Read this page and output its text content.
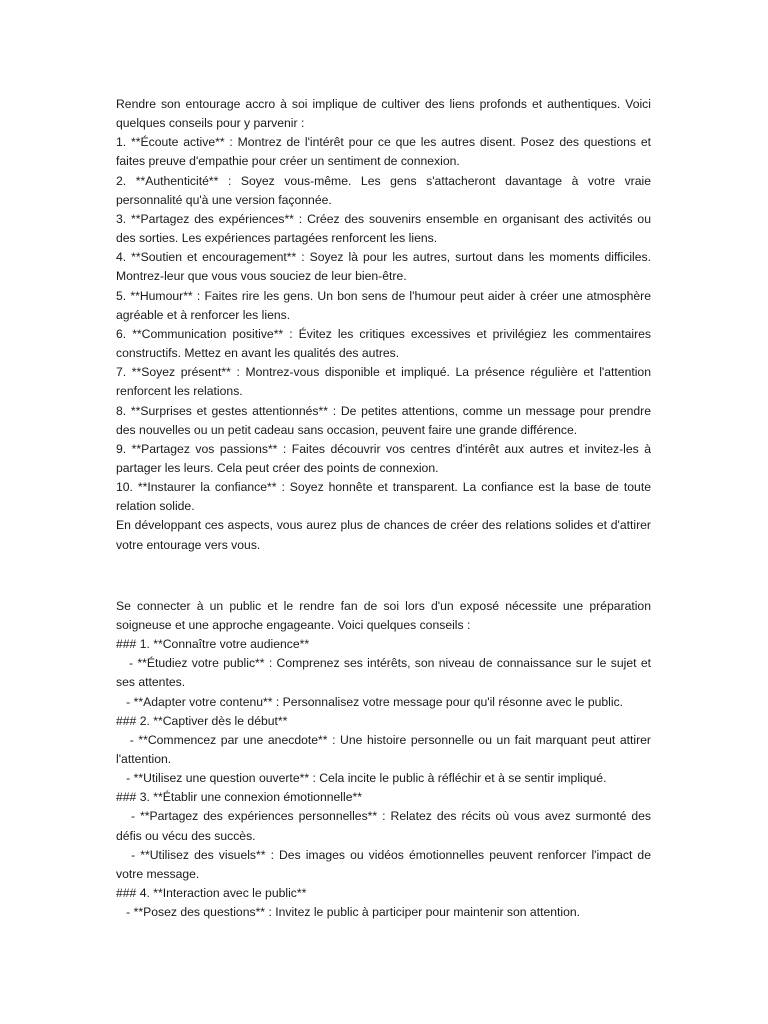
Rendre son entourage accro à soi implique de cultiver des liens profonds et authentiques. Voici quelques conseils pour y parvenir :

1. **Écoute active** : Montrez de l'intérêt pour ce que les autres disent. Posez des questions et faites preuve d'empathie pour créer un sentiment de connexion.

2. **Authenticité** : Soyez vous-même. Les gens s'attacheront davantage à votre vraie personnalité qu'à une version façonnée.

3. **Partagez des expériences** : Créez des souvenirs ensemble en organisant des activités ou des sorties. Les expériences partagées renforcent les liens.

4. **Soutien et encouragement** : Soyez là pour les autres, surtout dans les moments difficiles. Montrez-leur que vous vous souciez de leur bien-être.

5. **Humour** : Faites rire les gens. Un bon sens de l'humour peut aider à créer une atmosphère agréable et à renforcer les liens.

6. **Communication positive** : Évitez les critiques excessives et privilégiez les commentaires constructifs. Mettez en avant les qualités des autres.

7. **Soyez présent** : Montrez-vous disponible et impliqué. La présence régulière et l'attention renforcent les relations.

8. **Surprises et gestes attentionnés** : De petites attentions, comme un message pour prendre des nouvelles ou un petit cadeau sans occasion, peuvent faire une grande différence.

9. **Partagez vos passions** : Faites découvrir vos centres d'intérêt aux autres et invitez-les à partager les leurs. Cela peut créer des points de connexion.

10. **Instaurer la confiance** : Soyez honnête et transparent. La confiance est la base de toute relation solide.

En développant ces aspects, vous aurez plus de chances de créer des relations solides et d'attirer votre entourage vers vous.

Se connecter à un public et le rendre fan de soi lors d'un exposé nécessite une préparation soigneuse et une approche engageante. Voici quelques conseils :

### 1. **Connaître votre audience**

- **Étudiez votre public** : Comprenez ses intérêts, son niveau de connaissance sur le sujet et ses attentes.

- **Adapter votre contenu** : Personnalisez votre message pour qu'il résonne avec le public.

### 2. **Captiver dès le début**

- **Commencez par une anecdote** : Une histoire personnelle ou un fait marquant peut attirer l'attention.

- **Utilisez une question ouverte** : Cela incite le public à réfléchir et à se sentir impliqué.

### 3. **Établir une connexion émotionnelle**

- **Partagez des expériences personnelles** : Relatez des récits où vous avez surmonté des défis ou vécu des succès.

- **Utilisez des visuels** : Des images ou vidéos émotionnelles peuvent renforcer l'impact de votre message.

### 4. **Interaction avec le public**

- **Posez des questions** : Invitez le public à participer pour maintenir son attention.
